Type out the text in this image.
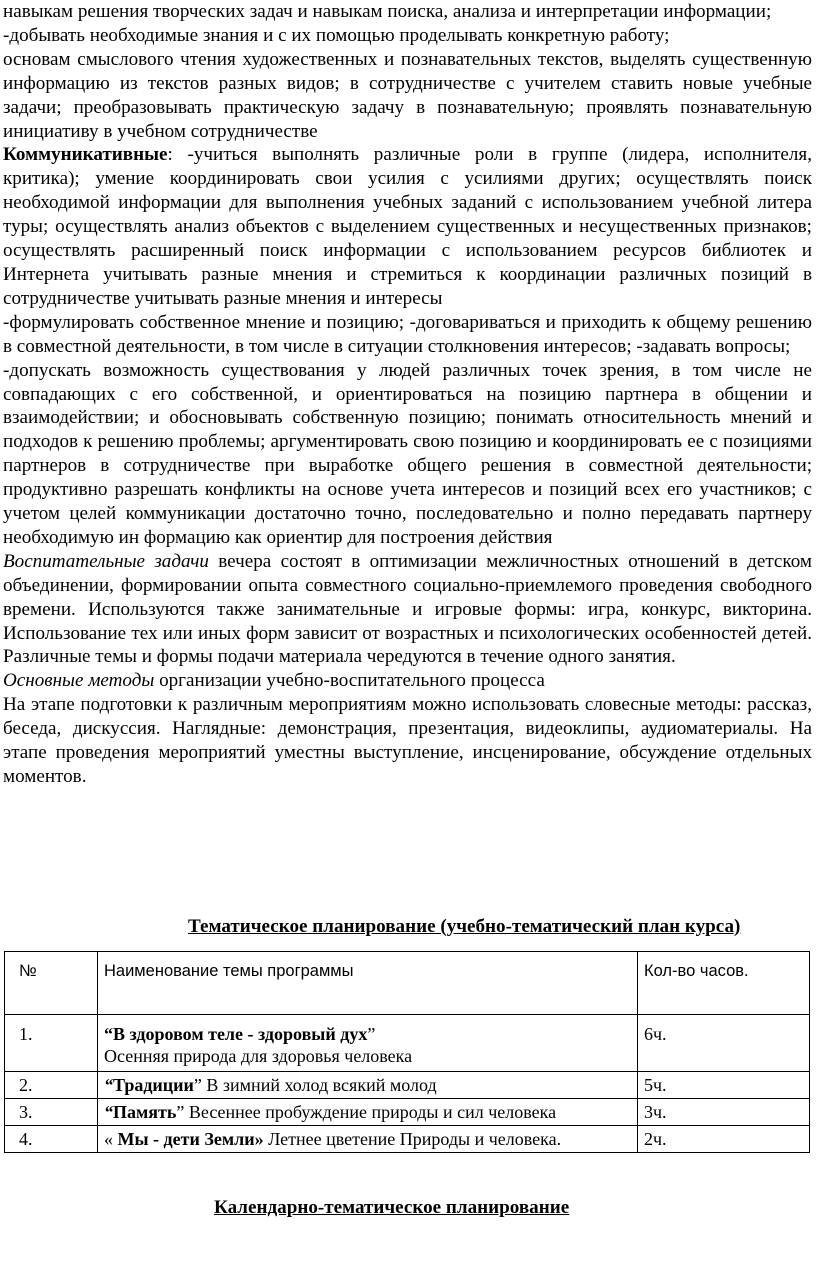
навыкам решения творческих задач и навыкам поиска, анализа и интерпретации информации;

-добывать необходимые знания и с их помощью проделывать конкретную работу;

основам смыслового чтения художественных и познавательных текстов, выделять существенную информацию из текстов разных видов; в сотрудничестве с учителем ставить новые учебные задачи; преобразовывать практическую задачу в познавательную; проявлять познавательную инициативу в учебном сотрудничестве

Коммуникативные: -учиться выполнять различные роли в группе (лидера, исполнителя, критика); умение координировать свои усилия с усилиями других; осуществлять поиск необходимой информации для выполнения учебных заданий с использованием учебной литера туры; осуществлять анализ объектов с выделением существенных и несущественных признаков; осуществлять расширенный поиск информации с использованием ресурсов библиотек и Интернета учитывать разные мнения и стремиться к координации различных позиций в сотрудничестве учитывать разные мнения и интересы

-формулировать собственное мнение и позицию; -договариваться и приходить к общему решению в совместной деятельности, в том числе в ситуации столкновения интересов; -задавать вопросы;

-допускать возможность существования у людей различных точек зрения, в том числе не совпадающих с его собственной, и ориентироваться на позицию партнера в общении и взаимодействии; и обосновывать собственную позицию; понимать относительность мнений и подходов к решению проблемы; аргументировать свою позицию и координировать ее с позициями партнеров в сотрудничестве при выработке общего решения в совместной деятельности; продуктивно разрешать конфликты на основе учета интересов и позиций всех его участников; с учетом целей коммуникации достаточно точно, последовательно и полно передавать партнеру необходимую ин формацию как ориентир для построения действия

Воспитательные задачи вечера состоят в оптимизации межличностных отношений в детском объединении, формировании опыта совместного социально-приемлемого проведения свободного времени. Используются также занимательные и игровые формы: игра, конкурс, викторина. Использование тех или иных форм зависит от возрастных и психологических особенностей детей. Различные темы и формы подачи материала чередуются в течение одного занятия.

Основные методы организации учебно-воспитательного процесса

На этапе подготовки к различным мероприятиям можно использовать словесные методы: рассказ, беседа, дискуссия. Наглядные: демонстрация, презентация, видеоклипы, аудиоматериалы. На этапе проведения мероприятий уместны выступление, инсценирование, обсуждение отдельных моментов.

Тематическое планирование (учебно-тематический план курса)

№	Наименование темы программы	Кол-во часов.
1.	“В здоровом теле - здоровый дух”
Осенняя природа для здоровья человека	6ч.
2.	“Традиции” В зимний холод всякий молод	5ч.
3.	“Память” Весеннее пробуждение природы и сил человека	3ч.
4.	« Мы - дети Земли» Летнее цветение Природы и человека.	2ч.

Календарно-тематическое планирование
